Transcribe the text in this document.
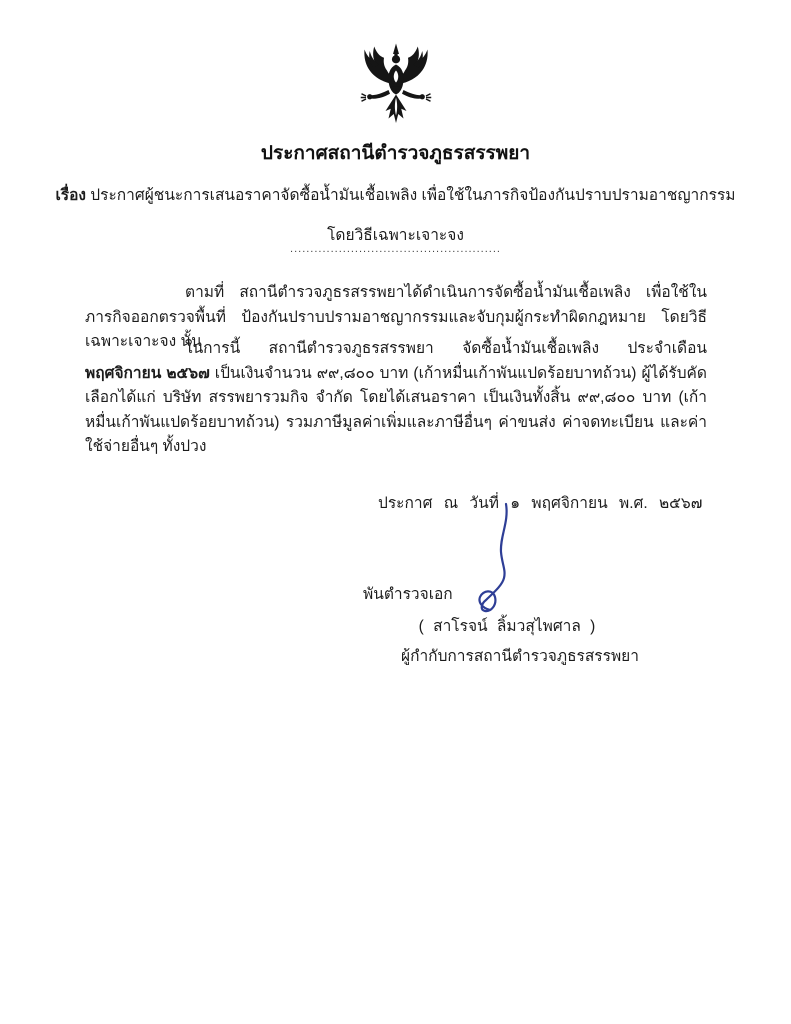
ประกาศสถานีตำรวจภูธรสรรพยา
เรื่อง ประกาศผู้ชนะการเสนอราคาจัดซื้อน้ำมันเชื้อเพลิง เพื่อใช้ในภารกิจป้องกันปราบปรามอาชญากรรม
โดยวิธีเฉพาะเจาะจง
....................................................
ตามที่ สถานีตำรวจภูธรสรรพยาได้ดำเนินการจัดซื้อน้ำมันเชื้อเพลิง เพื่อใช้ในภารกิจออกตรวจพื้นที่ ป้องกันปราบปรามอาชญากรรมและจับกุมผู้กระทำผิดกฎหมาย โดยวิธีเฉพาะเจาะจง นั้น
ในการนี้ สถานีตำรวจภูธรสรรพยา จัดซื้อน้ำมันเชื้อเพลิง ประจำเดือน พฤศจิกายน ๒๕๖๗ เป็นเงินจำนวน ๙๙,๘๐๐ บาท (เก้าหมื่นเก้าพันแปดร้อยบาทถ้วน) ผู้ได้รับคัดเลือกได้แก่ บริษัท สรรพยารวมกิจ จำกัด โดยได้เสนอราคา เป็นเงินทั้งสิ้น ๙๙,๘๐๐ บาท (เก้าหมื่นเก้าพันแปดร้อยบาทถ้วน) รวมภาษีมูลค่าเพิ่มและภาษีอื่นๆ ค่าขนส่ง ค่าจดทะเบียน และค่าใช้จ่ายอื่นๆ ทั้งปวง
ประกาศ ณ วันที่ ๑ พฤศจิกายน พ.ศ. ๒๕๖๗
พันตำรวจเอก
( สาโรจน์ ลิ้มวสุไพศาล )
ผู้กำกับการสถานีตำรวจภูธรสรรพยา
